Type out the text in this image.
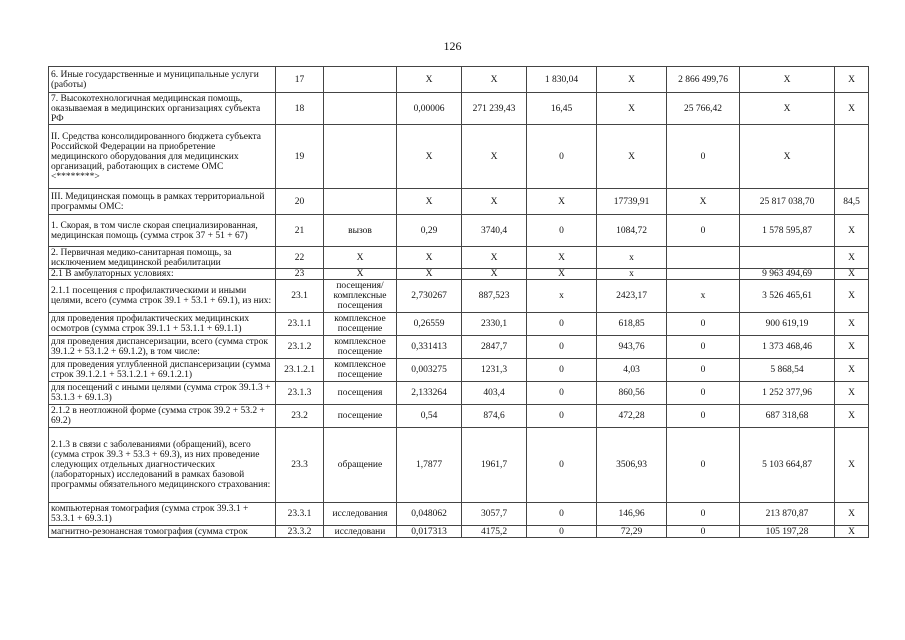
126
6. Иные государственные и муниципальные услуги (работы)	17		X	X	1 830,04	X	2 866 499,76	X	X
7. Высокотехнологичная медицинская помощь, оказываемая в медицинских организациях субъекта РФ	18		0,00006	271 239,43	16,45	X	25 766,42	X	X
II. Средства консолидированного бюджета субъекта Российской Федерации на приобретение медицинского оборудования для медицинских организаций, работающих в системе ОМС <********>	19		X	X	0	X	0	X	
III. Медицинская помощь в рамках территориальной программы ОМС:	20		X	X	X	17739,91	X	25 817 038,70	84,5
1. Скорая, в том числе скорая специализированная, медицинская помощь (сумма строк 37 + 51 + 67)	21	вызов	0,29	3740,4	0	1084,72	0	1 578 595,87	X
2. Первичная медико-санитарная помощь, за исключением медицинской реабилитации	22	X	X	X	X	x			X
2.1 В амбулаторных условиях:	23	X	X	X	X	x		9 963 494,69	X
2.1.1 посещения с профилактическими и иными целями, всего (сумма строк 39.1 + 53.1 + 69.1), из них:	23.1	посещения/комплексные посещения	2,730267	887,523	x	2423,17	x	3 526 465,61	X
для проведения профилактических медицинских осмотров (сумма строк 39.1.1 + 53.1.1 + 69.1.1)	23.1.1	комплексное посещение	0,26559	2330,1	0	618,85	0	900 619,19	X
для проведения диспансеризации, всего (сумма строк 39.1.2 + 53.1.2 + 69.1.2), в том числе:	23.1.2	комплексное посещение	0,331413	2847,7	0	943,76	0	1 373 468,46	X
для проведения углубленной диспансеризации (сумма строк 39.1.2.1 + 53.1.2.1 + 69.1.2.1)	23.1.2.1	комплексное посещение	0,003275	1231,3	0	4,03	0	5 868,54	X
для посещений с иными целями (сумма строк 39.1.3 + 53.1.3 + 69.1.3)	23.1.3	посещения	2,133264	403,4	0	860,56	0	1 252 377,96	X
2.1.2 в неотложной форме (сумма строк 39.2 + 53.2 + 69.2)	23.2	посещение	0,54	874,6	0	472,28	0	687 318,68	X
2.1.3 в связи с заболеваниями (обращений), всего (сумма строк 39.3 + 53.3 + 69.3), из них проведение следующих отдельных диагностических (лабораторных) исследований в рамках базовой программы обязательного медицинского страхования:	23.3	обращение	1,7877	1961,7	0	3506,93	0	5 103 664,87	X
компьютерная томография (сумма строк 39.3.1 + 53.3.1 + 69.3.1)	23.3.1	исследования	0,048062	3057,7	0	146,96	0	213 870,87	X
магнитно-резонансная томография (сумма строк	23.3.2	исследовани	0,017313	4175,2	0	72,29	0	105 197,28	X
